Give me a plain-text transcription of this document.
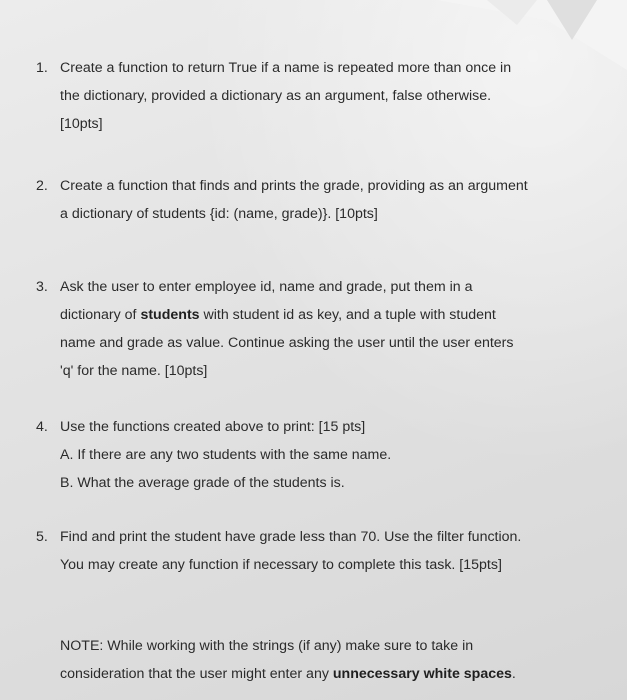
1. Create a function to return True if a name is repeated more than once in
the dictionary, provided a dictionary as an argument, false otherwise.
[10pts]
2. Create a function that finds and prints the grade, providing as an argument
a dictionary of students {id: (name, grade)}. [10pts]
3. Ask the user to enter employee id, name and grade, put them in a
dictionary of students with student id as key, and a tuple with student
name and grade as value. Continue asking the user until the user enters
'q' for the name. [10pts]
4. Use the functions created above to print: [15 pts]
A. If there are any two students with the same name.
B. What the average grade of the students is.
5. Find and print the student have grade less than 70. Use the filter function.
You may create any function if necessary to complete this task. [15pts]
NOTE: While working with the strings (if any) make sure to take in
consideration that the user might enter any unnecessary white spaces.
